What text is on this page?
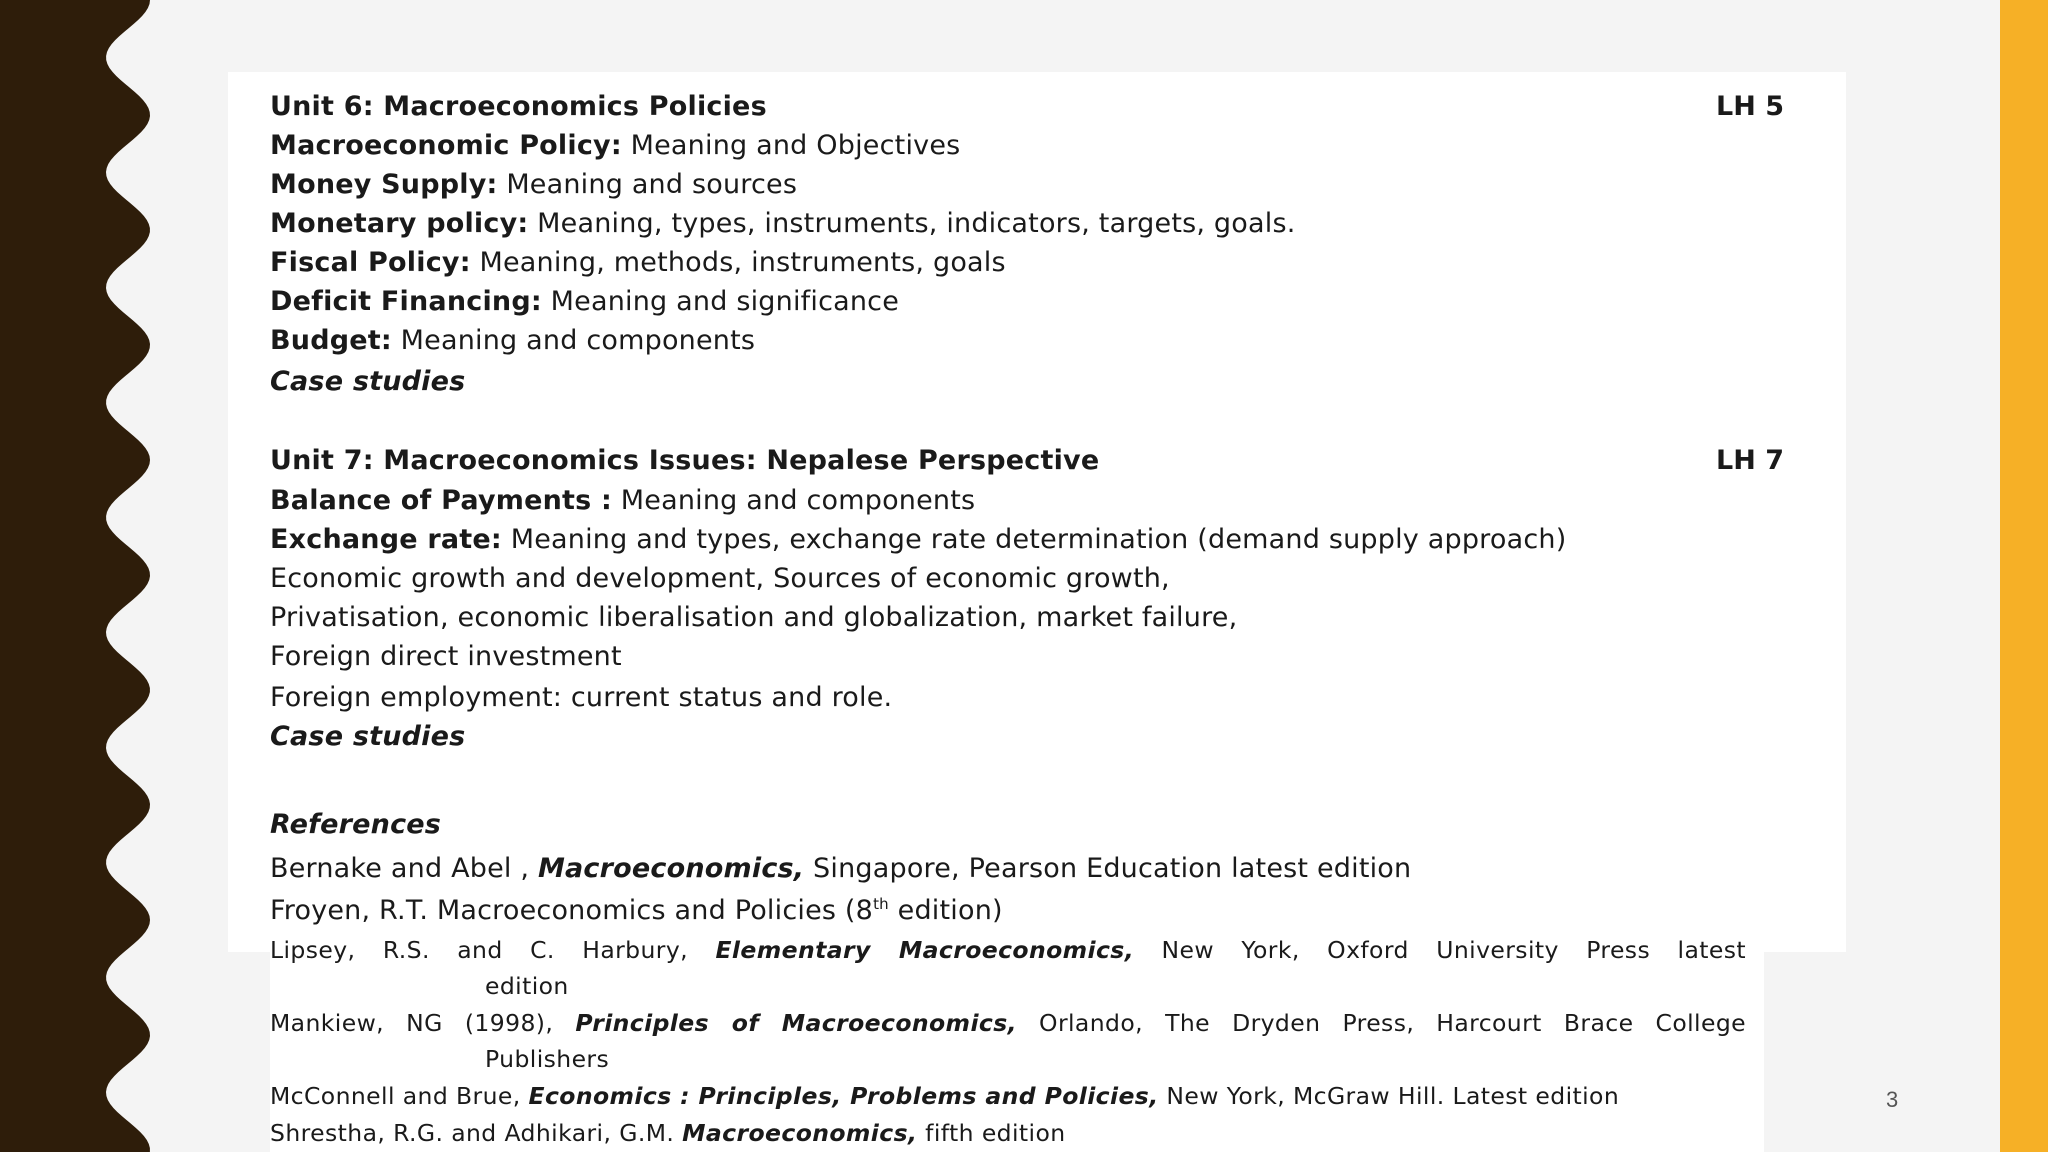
Unit 6: Macroeconomics Policies	LH 5
Macroeconomic Policy: Meaning and Objectives
Money Supply: Meaning and sources
Monetary policy: Meaning, types, instruments, indicators, targets, goals.
Fiscal Policy: Meaning, methods, instruments, goals
Deficit Financing: Meaning and significance
Budget: Meaning and components
Case studies
Unit 7: Macroeconomics Issues: Nepalese Perspective	LH 7
Balance of Payments : Meaning and components
Exchange rate: Meaning and types, exchange rate determination (demand supply approach)
Economic growth and development, Sources of economic growth,
Privatisation, economic liberalisation and globalization, market failure,
Foreign direct investment
Foreign employment: current status and role.
Case studies
References
Bernake and Abel , Macroeconomics, Singapore, Pearson Education latest edition
Froyen, R.T. Macroeconomics and Policies (8th edition)
Lipsey, R.S. and C. Harbury, Elementary Macroeconomics, New York, Oxford University Press latest
edition
Mankiew, NG (1998), Principles of Macroeconomics, Orlando, The Dryden Press, Harcourt Brace College
Publishers
McConnell and Brue, Economics : Principles, Problems and Policies, New York, McGraw Hill. Latest edition
Shrestha, R.G. and Adhikari, G.M. Macroeconomics, fifth edition
3
